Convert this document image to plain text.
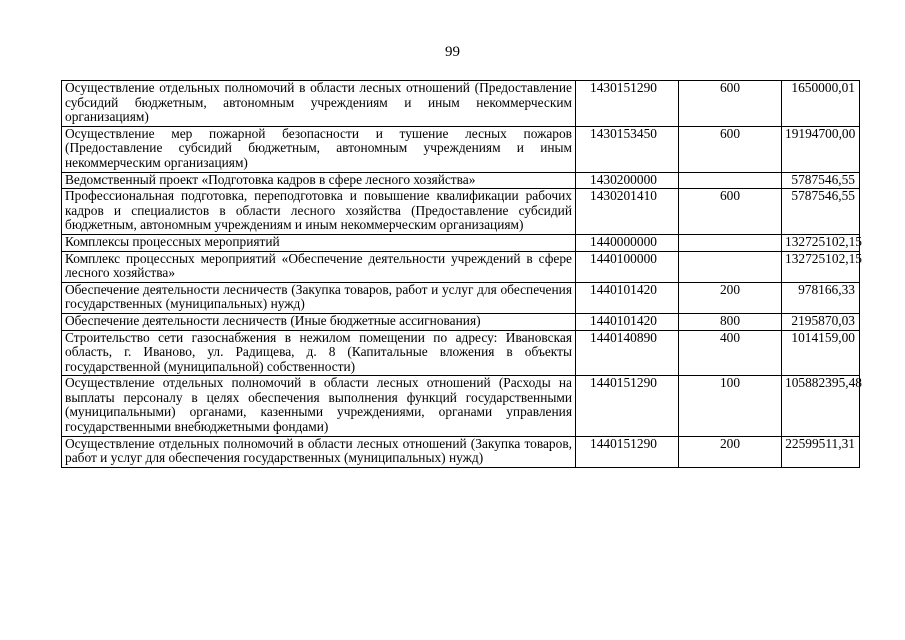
99
Осуществление отдельных полномочий в области лесных отношений (Предоставление субсидий бюджетным, автономным учреждениям и иным некоммерческим организациям)	1430151290	600	1650000,01
Осуществление мер пожарной безопасности и тушение лесных пожаров (Предоставление субсидий бюджетным, автономным учреждениям и иным некоммерческим организациям)	1430153450	600	19194700,00
Ведомственный проект «Подготовка кадров в сфере лесного хозяйства»	1430200000		5787546,55
Профессиональная подготовка, переподготовка и повышение квалификации рабочих кадров и специалистов в области лесного хозяйства (Предоставление субсидий бюджетным, автономным учреждениям и иным некоммерческим организациям)	1430201410	600	5787546,55
Комплексы процессных мероприятий	1440000000		132725102,15
Комплекс процессных мероприятий «Обеспечение деятельности учреждений в сфере лесного хозяйства»	1440100000		132725102,15
Обеспечение деятельности лесничеств (Закупка товаров, работ и услуг для обеспечения государственных (муниципальных) нужд)	1440101420	200	978166,33
Обеспечение деятельности лесничеств (Иные бюджетные ассигнования)	1440101420	800	2195870,03
Строительство сети газоснабжения в нежилом помещении по адресу: Ивановская область, г. Иваново, ул. Радищева, д. 8 (Капитальные вложения в объекты государственной (муниципальной) собственности)	1440140890	400	1014159,00
Осуществление отдельных полномочий в области лесных отношений (Расходы на выплаты персоналу в целях обеспечения выполнения функций государственными (муниципальными) органами, казенными учреждениями, органами управления государственными внебюджетными фондами)	1440151290	100	105882395,48
Осуществление отдельных полномочий в области лесных отношений (Закупка товаров, работ и услуг для обеспечения государственных (муниципальных) нужд)	1440151290	200	22599511,31
